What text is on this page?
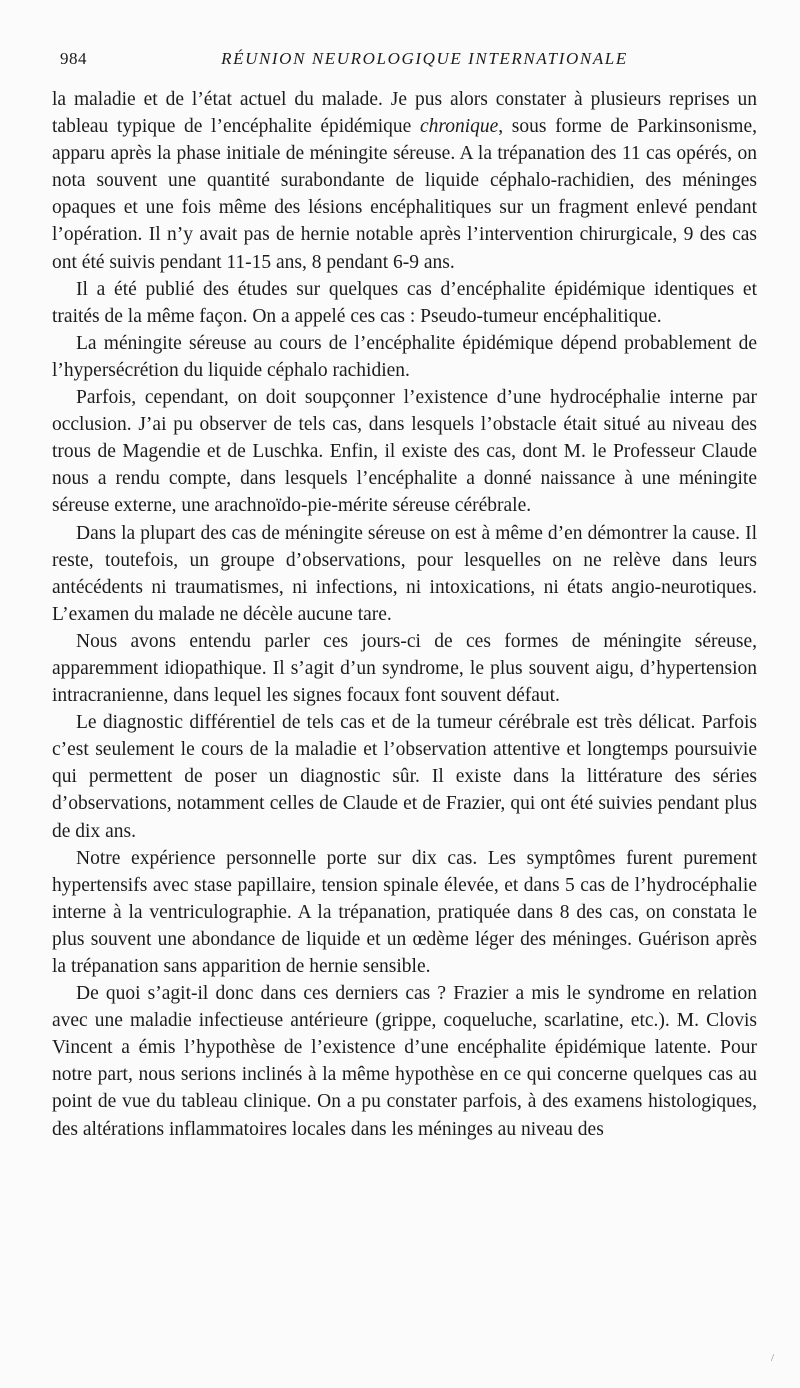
984	RÉUNION NEUROLOGIQUE INTERNATIONALE

la maladie et de l’état actuel du malade. Je pus alors constater à plusieurs reprises un tableau typique de l’encéphalite épidémique chronique, sous forme de Parkinsonisme, apparu après la phase initiale de méningite séreuse. A la trépanation des 11 cas opérés, on nota souvent une quantité surabondante de liquide céphalo-rachidien, des méninges opaques et une fois même des lésions encéphalitiques sur un fragment enlevé pendant l’opération. Il n’y avait pas de hernie notable après l’intervention chirurgicale, 9 des cas ont été suivis pendant 11-15 ans, 8 pendant 6-9 ans.

Il a été publié des études sur quelques cas d’encéphalite épidémique identiques et traités de la même façon. On a appelé ces cas : Pseudo-tumeur encéphalitique.

La méningite séreuse au cours de l’encéphalite épidémique dépend probablement de l’hypersécrétion du liquide céphalo rachidien.

Parfois, cependant, on doit soupçonner l’existence d’une hydrocéphalie interne par occlusion. J’ai pu observer de tels cas, dans lesquels l’obstacle était situé au niveau des trous de Magendie et de Luschka. Enfin, il existe des cas, dont M. le Professeur Claude nous a rendu compte, dans lesquels l’encéphalite a donné naissance à une méningite séreuse externe, une arachnoïdo-pie-mérite séreuse cérébrale.

Dans la plupart des cas de méningite séreuse on est à même d’en démontrer la cause. Il reste, toutefois, un groupe d’observations, pour lesquelles on ne relève dans leurs antécédents ni traumatismes, ni infections, ni intoxications, ni états angio-neurotiques. L’examen du malade ne décèle aucune tare.

Nous avons entendu parler ces jours-ci de ces formes de méningite séreuse, apparemment idiopathique. Il s’agit d’un syndrome, le plus souvent aigu, d’hypertension intracranienne, dans lequel les signes focaux font souvent défaut.

Le diagnostic différentiel de tels cas et de la tumeur cérébrale est très délicat. Parfois c’est seulement le cours de la maladie et l’observation attentive et longtemps poursuivie qui permettent de poser un diagnostic sûr. Il existe dans la littérature des séries d’observations, notamment celles de Claude et de Frazier, qui ont été suivies pendant plus de dix ans.

Notre expérience personnelle porte sur dix cas. Les symptômes furent purement hypertensifs avec stase papillaire, tension spinale élevée, et dans 5 cas de l’hydrocéphalie interne à la ventriculographie. A la trépanation, pratiquée dans 8 des cas, on constata le plus souvent une abondance de liquide et un œdème léger des méninges. Guérison après la trépanation sans apparition de hernie sensible.

De quoi s’agit-il donc dans ces derniers cas ? Frazier a mis le syndrome en relation avec une maladie infectieuse antérieure (grippe, coqueluche, scarlatine, etc.). M. Clovis Vincent a émis l’hypothèse de l’existence d’une encéphalite épidémique latente. Pour notre part, nous serions inclinés à la même hypothèse en ce qui concerne quelques cas au point de vue du tableau clinique. On a pu constater parfois, à des examens histologiques, des altérations inflammatoires locales dans les méninges au niveau des

/
